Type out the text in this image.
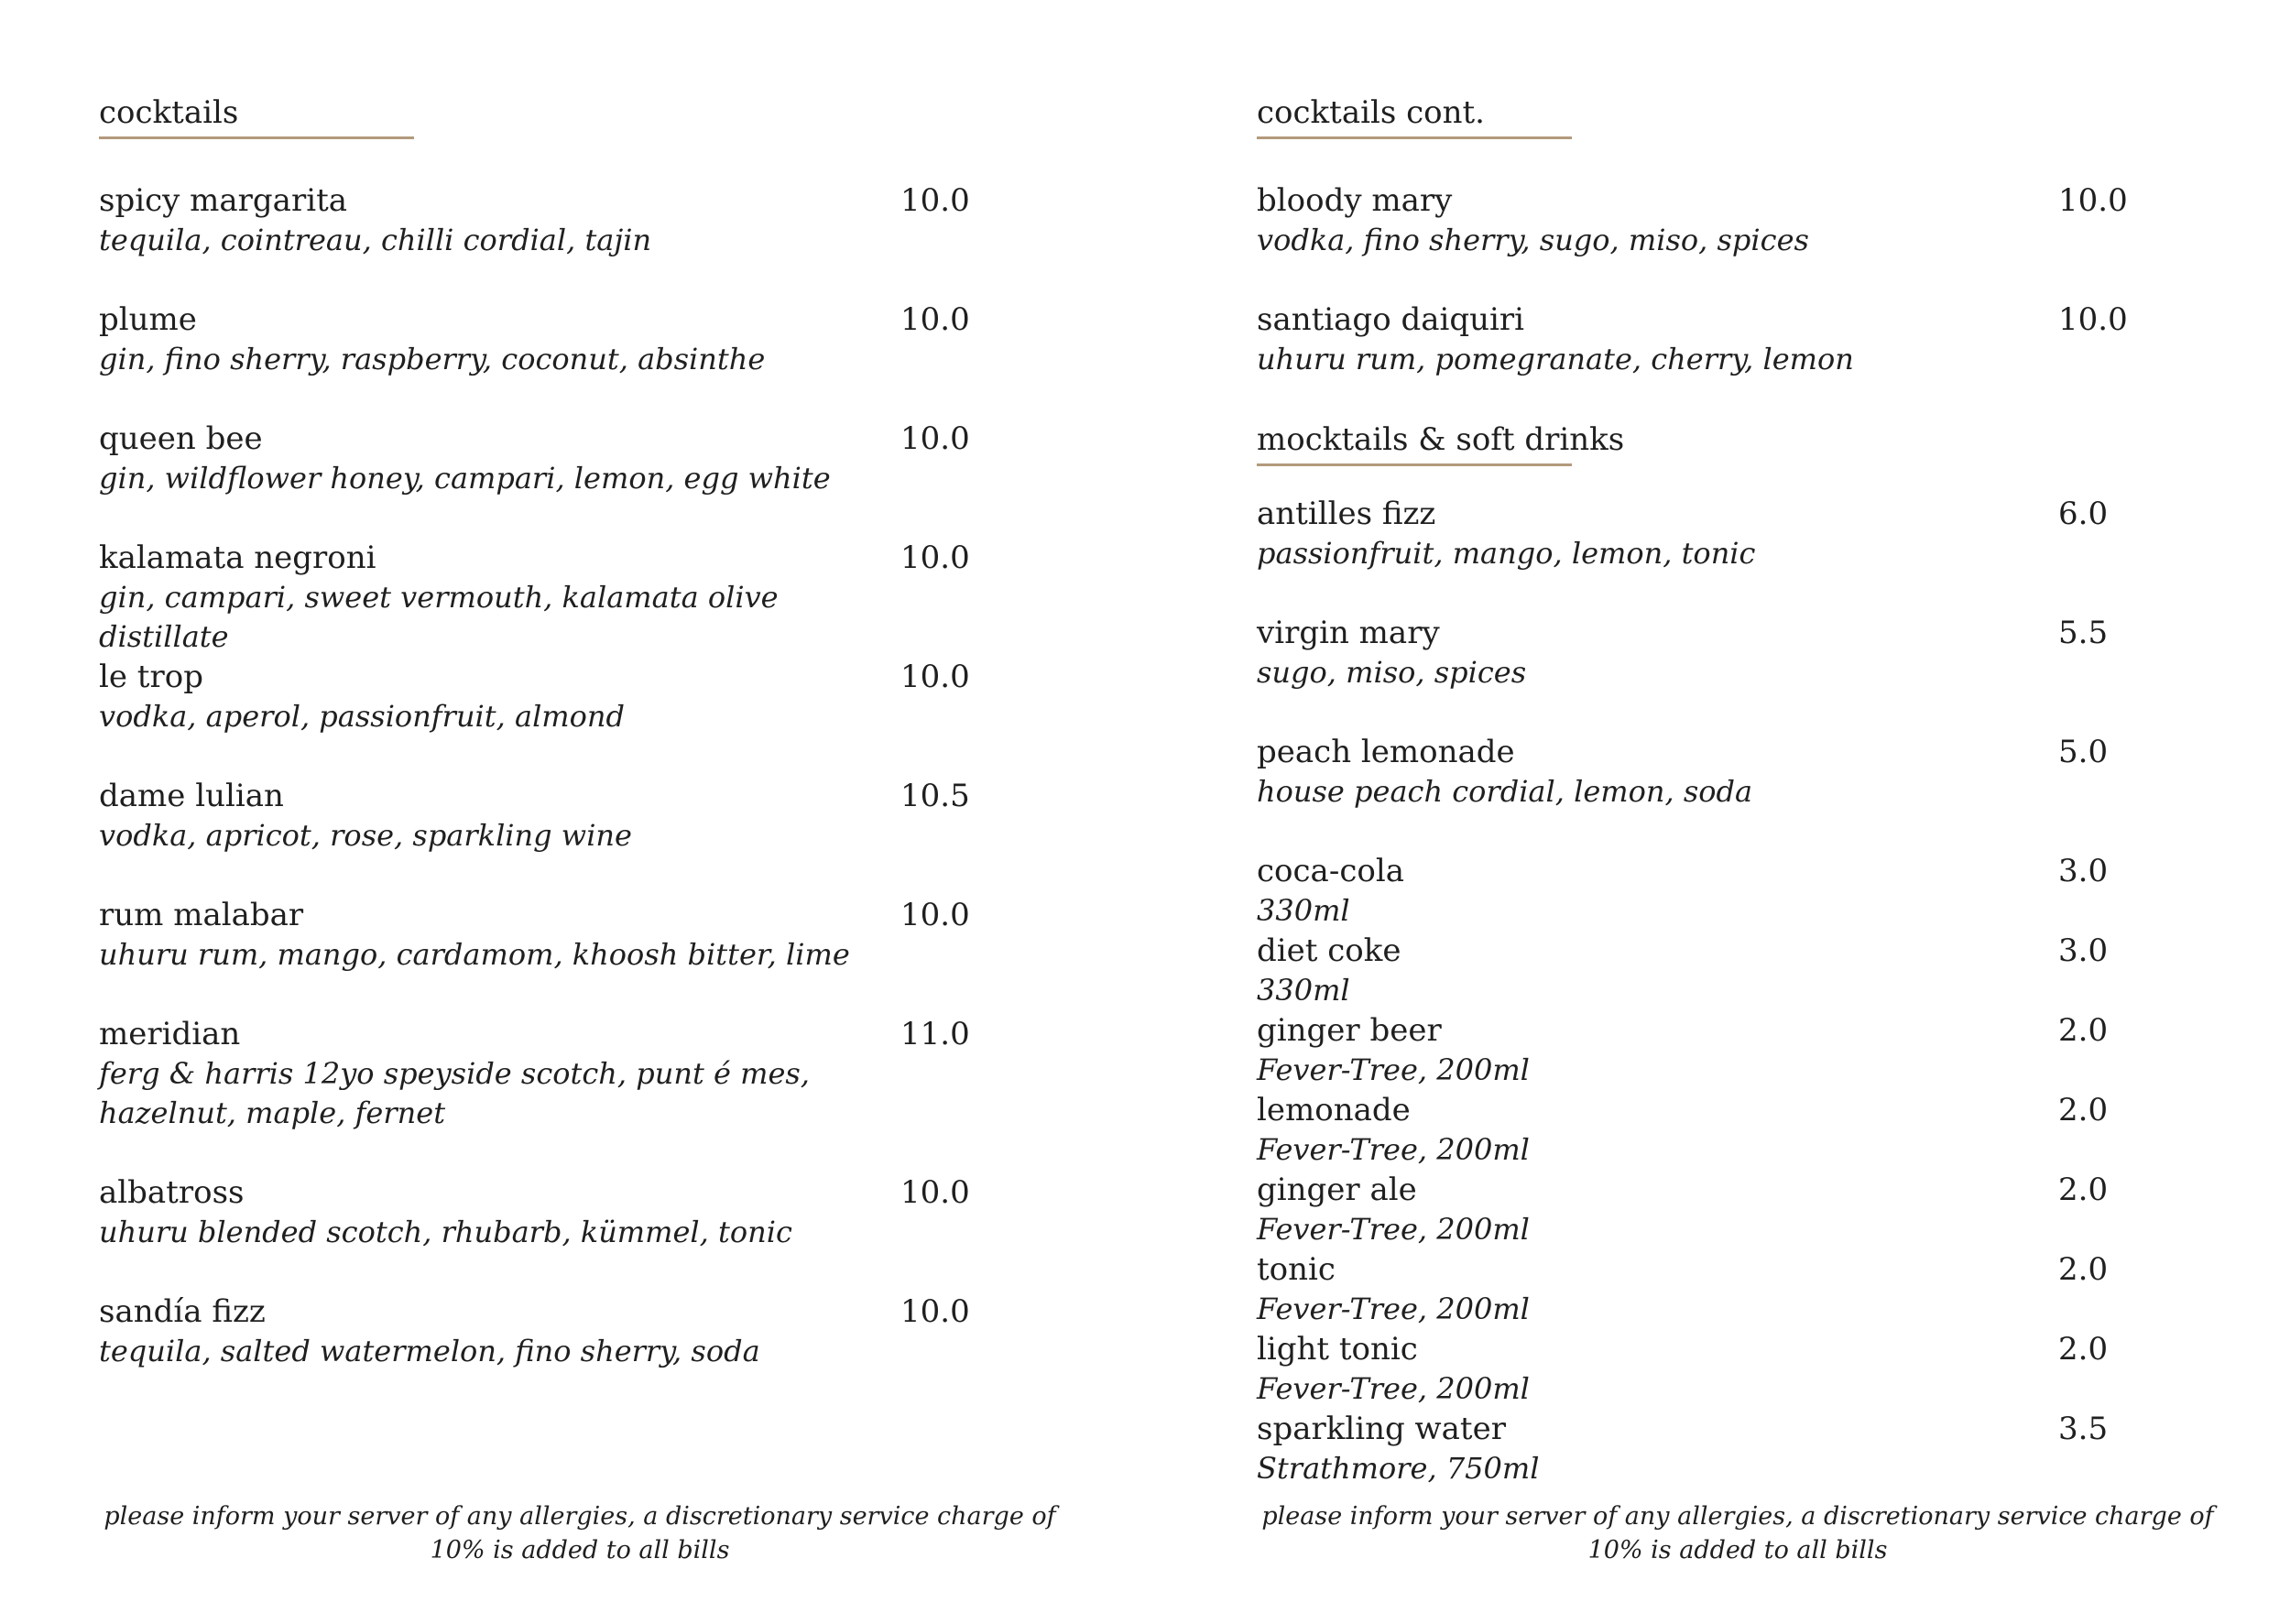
cocktails
spicy margarita	10.0
tequila, cointreau, chilli cordial, tajin
plume	10.0
gin, fino sherry, raspberry, coconut, absinthe
queen bee	10.0
gin, wildflower honey, campari, lemon, egg white
kalamata negroni	10.0
gin, campari, sweet vermouth, kalamata olive distillate
le trop	10.0
vodka, aperol, passionfruit, almond
dame lulian	10.5
vodka, apricot, rose, sparkling wine
rum malabar	10.0
uhuru rum, mango, cardamom, khoosh bitter, lime
meridian	11.0
ferg & harris 12yo speyside scotch, punt é mes, hazelnut, maple, fernet
albatross	10.0
uhuru blended scotch, rhubarb, kümmel, tonic
sandía fizz	10.0
tequila, salted watermelon, fino sherry, soda
please inform your server of any allergies, a discretionary service charge of 10% is added to all bills
cocktails cont.
bloody mary	10.0
vodka, fino sherry, sugo, miso, spices
santiago daiquiri	10.0
uhuru rum, pomegranate, cherry, lemon
mocktails & soft drinks
antilles fizz	6.0
passionfruit, mango, lemon, tonic
virgin mary	5.5
sugo, miso, spices
peach lemonade	5.0
house peach cordial, lemon, soda
coca-cola	3.0
330ml
diet coke	3.0
330ml
ginger beer	2.0
Fever-Tree, 200ml
lemonade	2.0
Fever-Tree, 200ml
ginger ale	2.0
Fever-Tree, 200ml
tonic	2.0
Fever-Tree, 200ml
light tonic	2.0
Fever-Tree, 200ml
sparkling water	3.5
Strathmore, 750ml
please inform your server of any allergies, a discretionary service charge of 10% is added to all bills
